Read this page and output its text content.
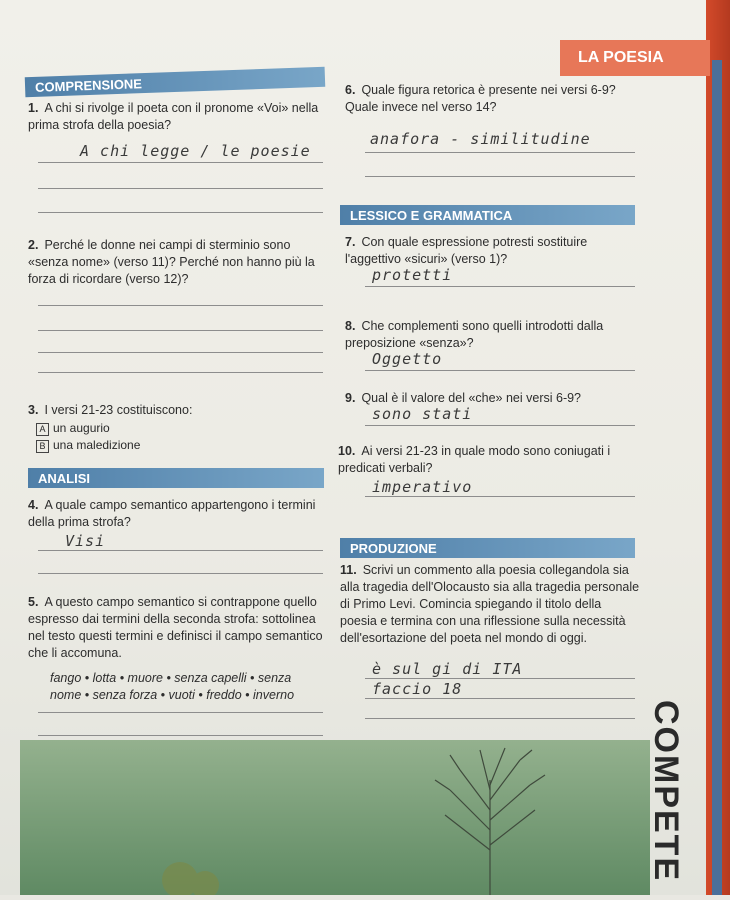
LA POESIA
COMPRENSIONE
1. A chi si rivolge il poeta con il pronome «Voi» nella prima strofa della poesia?
A chi legge / le poesie
2. Perché le donne nei campi di sterminio sono «senza nome» (verso 11)? Perché non hanno più la forza di ricordare (verso 12)?
3. I versi 21-23 costituiscono:
A un augurio
B una maledizione
ANALISI
4. A quale campo semantico appartengono i termini della prima strofa?
Visi
5. A questo campo semantico si contrappone quello espresso dai termini della seconda strofa: sottolinea nel testo questi termini e definisci il campo semantico che li accomuna.
fango • lotta • muore • senza capelli • senza nome • senza forza • vuoti • freddo • inverno
6. Quale figura retorica è presente nei versi 6-9? Quale invece nel verso 14?
anafora - similitudine
LESSICO E GRAMMATICA
7. Con quale espressione potresti sostituire l'aggettivo «sicuri» (verso 1)?
protetti
8. Che complementi sono quelli introdotti dalla preposizione «senza»?
Oggetto
9. Qual è il valore del «che» nei versi 6-9?
sono stati
10. Ai versi 21-23 in quale modo sono coniugati i predicati verbali?
imperativo
PRODUZIONE
11. Scrivi un commento alla poesia collegandola sia alla tragedia dell'Olocausto sia alla tragedia personale di Primo Levi. Comincia spiegando il titolo della poesia e termina con una riflessione sulla necessità dell'esortazione del poeta nel mondo di oggi.
è sul gi di ITA
faccio 18
COMPETE
